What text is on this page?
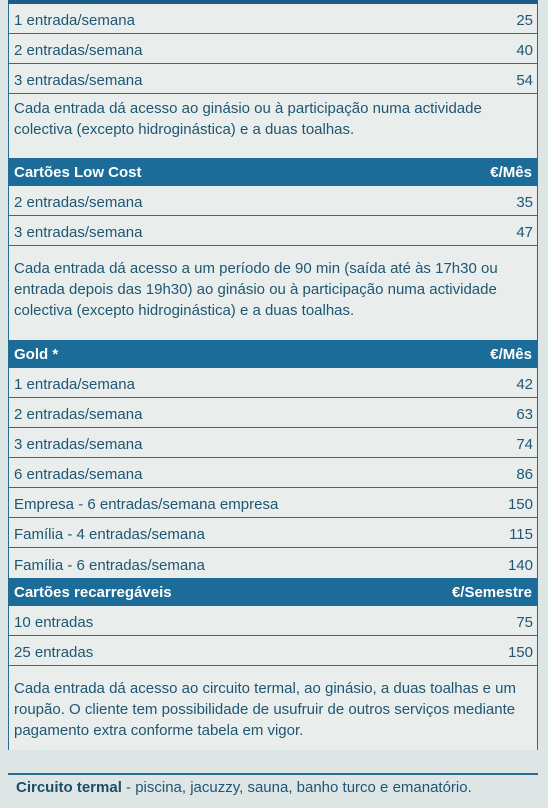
1 entrada/semana	25
2 entradas/semana	40
3 entradas/semana	54
Cada entrada dá acesso ao ginásio ou à participação numa actividade colectiva (excepto hidroginástica) e a duas toalhas.
Cartões Low Cost	€/Mês
2 entradas/semana	35
3 entradas/semana	47
Cada entrada dá acesso a um período de 90 min (saída até às 17h30 ou entrada depois das 19h30) ao ginásio ou à participação numa actividade colectiva (excepto hidroginástica) e a duas toalhas.
Gold *	€/Mês
1 entrada/semana	42
2 entradas/semana	63
3 entradas/semana	74
6 entradas/semana	86
Empresa - 6 entradas/semana empresa	150
Família - 4 entradas/semana	115
Família - 6 entradas/semana	140
Cartões recarregáveis	€/Semestre
10 entradas	75
25 entradas	150
Cada entrada dá acesso ao circuito termal, ao ginásio, a duas toalhas e um roupão. O cliente tem possibilidade de usufruir de outros serviços mediante pagamento extra conforme tabela em vigor.
Circuito termal - piscina, jacuzzy, sauna, banho turco e emanatório.
